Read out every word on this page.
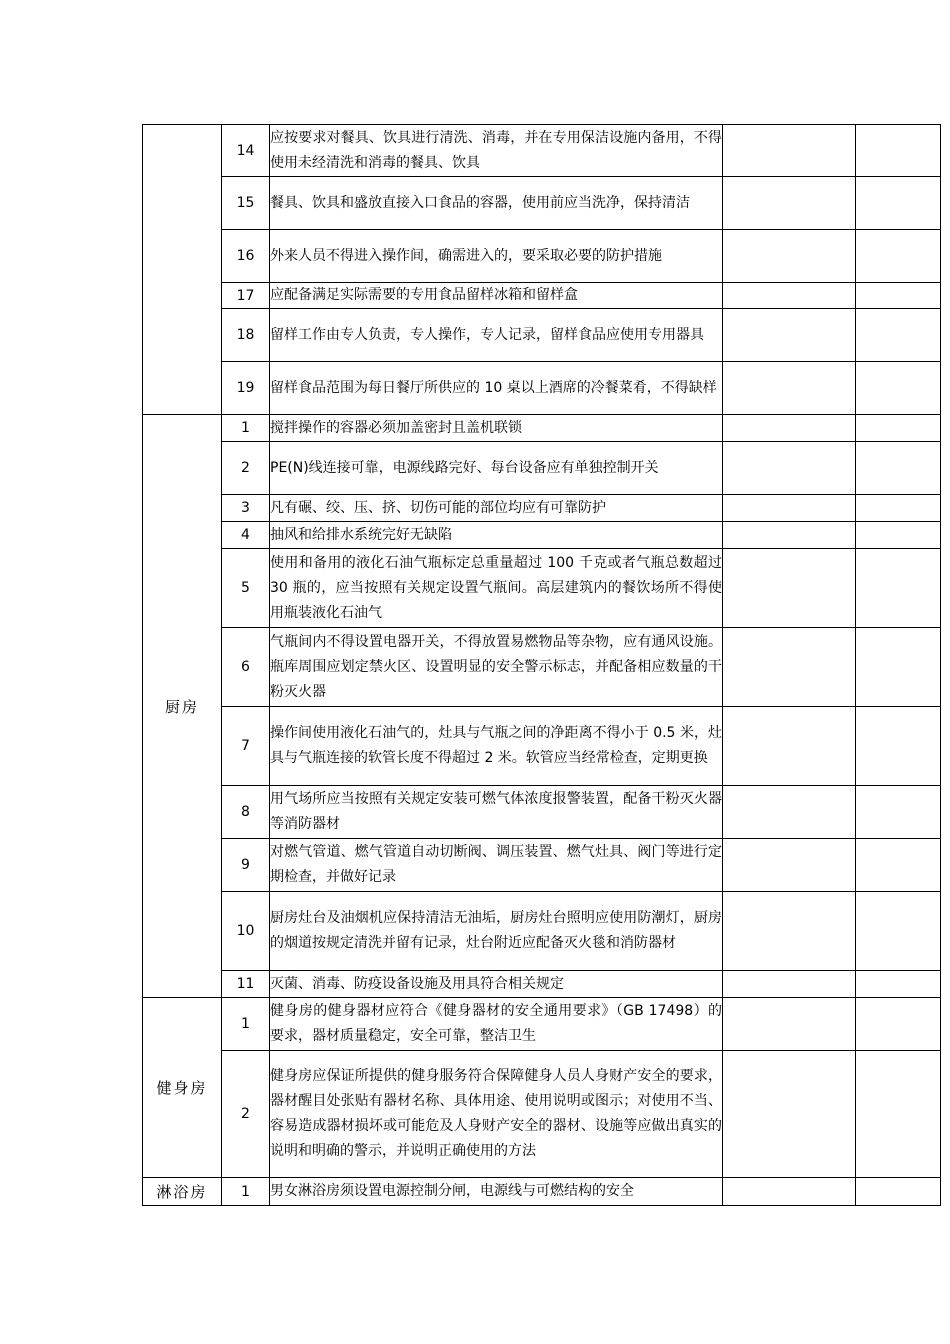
	14	应按要求对餐具、饮具进行清洗、消毒，并在专用保洁设施内备用，不得使用未经清洗和消毒的餐具、饮具		
	15	餐具、饮具和盛放直接入口食品的容器，使用前应当洗净，保持清洁		
	16	外来人员不得进入操作间，确需进入的，要采取必要的防护措施		
	17	应配备满足实际需要的专用食品留样冰箱和留样盒		
	18	留样工作由专人负责，专人操作，专人记录，留样食品应使用专用器具		
	19	留样食品范围为每日餐厅所供应的 10 桌以上酒席的冷餐菜肴，不得缺样		
厨房	1	搅拌操作的容器必须加盖密封且盖机联锁		
	2	PE(N)线连接可靠，电源线路完好、每台设备应有单独控制开关		
	3	凡有碾、绞、压、挤、切伤可能的部位均应有可靠防护		
	4	抽风和给排水系统完好无缺陷		
	5	使用和备用的液化石油气瓶标定总重量超过 100 千克或者气瓶总数超过 30 瓶的，应当按照有关规定设置气瓶间。高层建筑内的餐饮场所不得使用瓶装液化石油气		
	6	气瓶间内不得设置电器开关，不得放置易燃物品等杂物，应有通风设施。瓶库周围应划定禁火区、设置明显的安全警示标志，并配备相应数量的干粉灭火器		
	7	操作间使用液化石油气的，灶具与气瓶之间的净距离不得小于 0.5 米，灶具与气瓶连接的软管长度不得超过 2 米。软管应当经常检查，定期更换		
	8	用气场所应当按照有关规定安装可燃气体浓度报警装置，配备干粉灭火器等消防器材		
	9	对燃气管道、燃气管道自动切断阀、调压装置、燃气灶具、阀门等进行定期检查，并做好记录		
	10	厨房灶台及油烟机应保持清洁无油垢，厨房灶台照明应使用防潮灯，厨房的烟道按规定清洗并留有记录，灶台附近应配备灭火毯和消防器材		
	11	灭菌、消毒、防疫设备设施及用具符合相关规定		
健身房	1	健身房的健身器材应符合《健身器材的安全通用要求》（GB 17498）的要求，器材质量稳定，安全可靠，整洁卫生		
	2	健身房应保证所提供的健身服务符合保障健身人员人身财产安全的要求，器材醒目处张贴有器材名称、具体用途、使用说明或图示；对使用不当、容易造成器材损坏或可能危及人身财产安全的器材、设施等应做出真实的说明和明确的警示，并说明正确使用的方法		
淋浴房	1	男女淋浴房须设置电源控制分闸，电源线与可燃结构的安全		
